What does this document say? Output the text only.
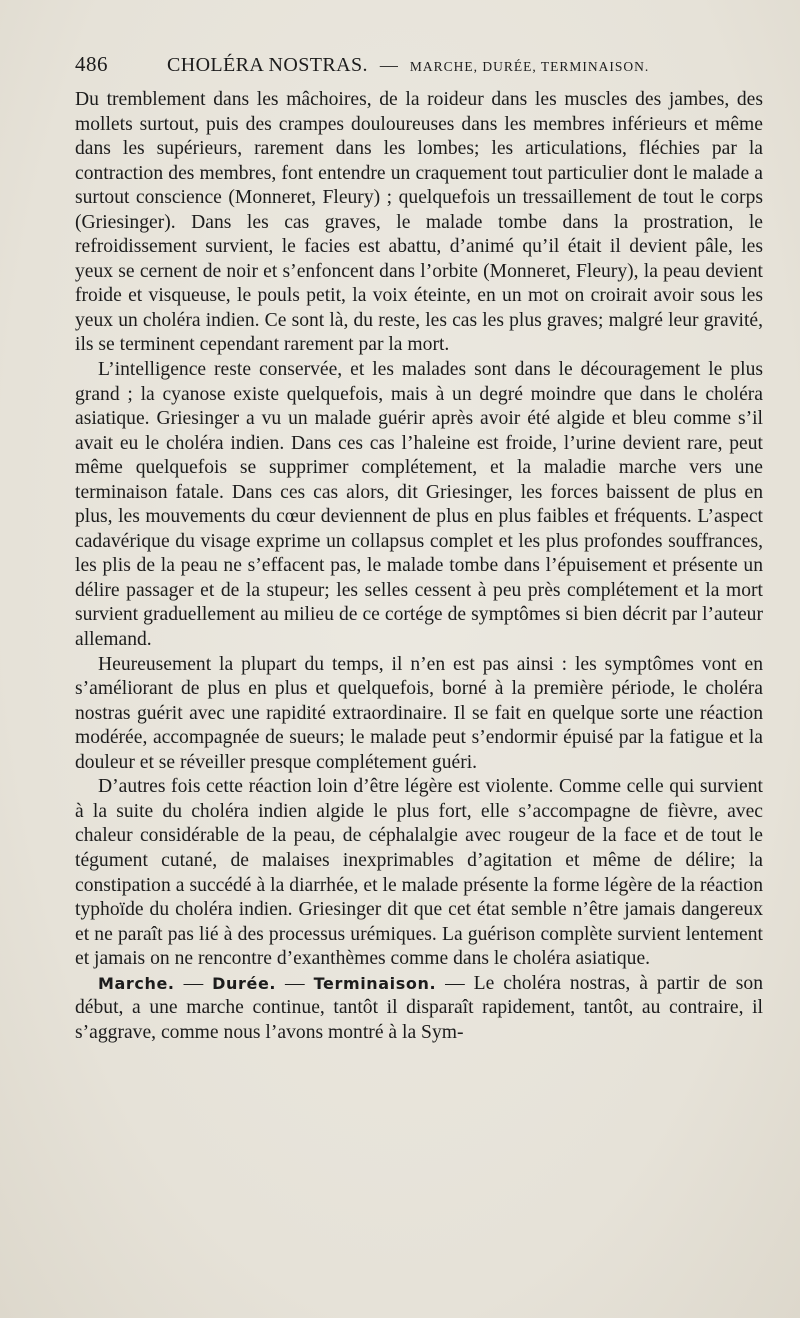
486	CHOLÉRA NOSTRAS. — MARCHE, DURÉE, TERMINAISON.

Du tremblement dans les mâchoires, de la roideur dans les muscles des jambes, des mollets surtout, puis des crampes douloureuses dans les membres inférieurs et même dans les supérieurs, rarement dans les lombes; les articulations, fléchies par la contraction des membres, font entendre un craquement tout particulier dont le malade a surtout conscience (Monneret, Fleury) ; quelquefois un tressaillement de tout le corps (Griesinger). Dans les cas graves, le malade tombe dans la prostration, le refroidissement survient, le facies est abattu, d’animé qu’il était il devient pâle, les yeux se cernent de noir et s’enfoncent dans l’orbite (Monneret, Fleury), la peau devient froide et visqueuse, le pouls petit, la voix éteinte, en un mot on croirait avoir sous les yeux un choléra indien. Ce sont là, du reste, les cas les plus graves; malgré leur gravité, ils se terminent cependant rarement par la mort.

L’intelligence reste conservée, et les malades sont dans le découragement le plus grand ; la cyanose existe quelquefois, mais à un degré moindre que dans le choléra asiatique. Griesinger a vu un malade guérir après avoir été algide et bleu comme s’il avait eu le choléra indien. Dans ces cas l’haleine est froide, l’urine devient rare, peut même quelquefois se supprimer complétement, et la maladie marche vers une terminaison fatale. Dans ces cas alors, dit Griesinger, les forces baissent de plus en plus, les mouvements du cœur deviennent de plus en plus faibles et fréquents. L’aspect cadavérique du visage exprime un collapsus complet et les plus profondes souffrances, les plis de la peau ne s’effacent pas, le malade tombe dans l’épuisement et présente un délire passager et de la stupeur; les selles cessent à peu près complétement et la mort survient graduellement au milieu de ce cortége de symptômes si bien décrit par l’auteur allemand.

Heureusement la plupart du temps, il n’en est pas ainsi : les symptômes vont en s’améliorant de plus en plus et quelquefois, borné à la première période, le choléra nostras guérit avec une rapidité extraordinaire. Il se fait en quelque sorte une réaction modérée, accompagnée de sueurs; le malade peut s’endormir épuisé par la fatigue et la douleur et se réveiller presque complétement guéri.

D’autres fois cette réaction loin d’être légère est violente. Comme celle qui survient à la suite du choléra indien algide le plus fort, elle s’accompagne de fièvre, avec chaleur considérable de la peau, de céphalalgie avec rougeur de la face et de tout le tégument cutané, de malaises inexprimables d’agitation et même de délire; la constipation a succédé à la diarrhée, et le malade présente la forme légère de la réaction typhoïde du choléra indien. Griesinger dit que cet état semble n’être jamais dangereux et ne paraît pas lié à des processus urémiques. La guérison complète survient lentement et jamais on ne rencontre d’exanthèmes comme dans le choléra asiatique.

Marche. — Durée. — Terminaison. — Le choléra nostras, à partir de son début, a une marche continue, tantôt il disparaît rapidement, tantôt, au contraire, il s’aggrave, comme nous l’avons montré à la Sym-
